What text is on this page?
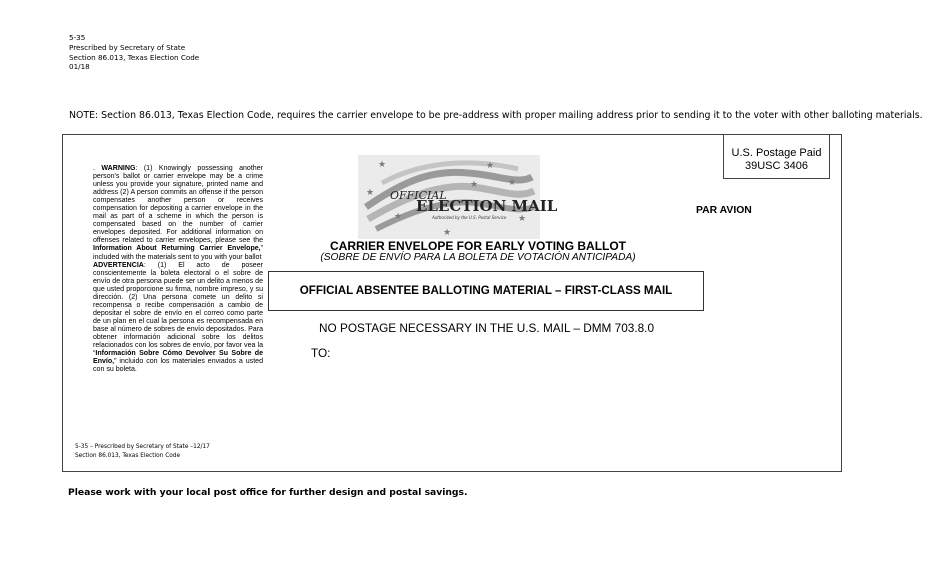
5-35
Prescribed by Secretary of State
Section 86.013, Texas Election Code
01/18
NOTE: Section 86.013, Texas Election Code, requires the carrier envelope to be pre-address with proper mailing address prior to sending it to the voter with other balloting materials.
U.S. Postage Paid
39USC 3406
PAR AVION
. WARNING: (1) Knowingly possessing another person's ballot or carrier envelope may be a crime unless you provide your signature, printed name and address (2) A person commits an offense if the person compensates another person or receives compensation for depositing a carrier envelope in the mail as part of a scheme in which the person is compensated based on the number of carrier envelopes deposited. For additional information on offenses related to carrier envelopes, please see the Information About Returning Carrier Envelope,” included with the materials sent to you with your ballot
ADVERTENCIA: (1) El acto de poseer conscientemente la boleta electoral o el sobre de envío de otra persona puede ser un delito a menos de que usted proporcione su firma, nombre impreso, y su dirección. (2) Una persona comete un delito si recompensa o recibe compensación a cambio de depositar el sobre de envío en el correo como parte de un plan en el cual la persona es recompensada en base al número de sobres de envío depositados. Para obtener información adicional sobre los delitos relacionados con los sobres de envío, por favor vea la “Información Sobre Cómo Devolver Su Sobre de Envío,” incluido con los materiales enviados a usted con su boleta.
5-35 – Prescribed by Secretary of State –12/17
Section 86.013, Texas Election Code
★	★
★
★
★
★
★
★ OFFICIAL
ELECTION MAIL
Authorized by the U.S. Postal Service
CARRIER ENVELOPE FOR EARLY VOTING BALLOT
(SOBRE DE ENVÍO PARA LA BOLETA DE VOTACIÓN ANTICIPADA)
OFFICIAL ABSENTEE BALLOTING MATERIAL – FIRST-CLASS MAIL
NO POSTAGE NECESSARY IN THE U.S. MAIL – DMM 703.8.0
TO:
Please work with your local post office for further design and postal savings.
